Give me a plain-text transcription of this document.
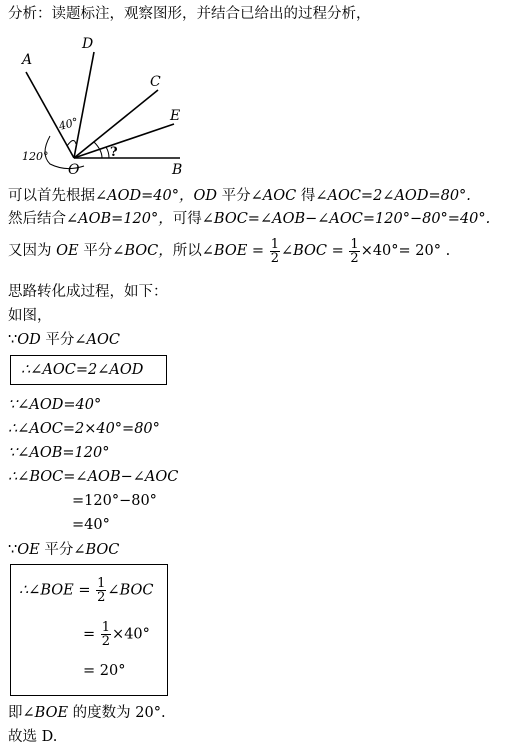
分析：读题标注，观察图形，并结合已给出的过程分析，
A
D
C
E
B
O
40°
120°	?
可以首先根据∠AOD=40°，OD 平分∠AOC 得∠AOC=2∠AOD=80°.
然后结合∠AOB=120°，可得∠BOC=∠AOB−∠AOC=120°−80°=40°.
又因为 OE 平分∠BOC，所以∠BOE = $\frac{1}{2}$ ∠BOC = $\frac{1}{2} \times 40^\circ= 20^\circ$ .
思路转化成过程，如下：
如图，
∵OD 平分∠AOC
∴∠AOC=2∠AOD
∵∠AOD=40°
∴∠AOC=2×40°=80°
∵∠AOB=120°
∴∠BOC=∠AOB−∠AOC
=120°−80°
=40°
∵OE 平分∠BOC
∴∠BOE = $\frac{1}{2}$ ∠BOC
= $\frac{1}{2} \times 40^\circ$
= 20°
即∠BOE 的度数为 20°.
故选 D.
